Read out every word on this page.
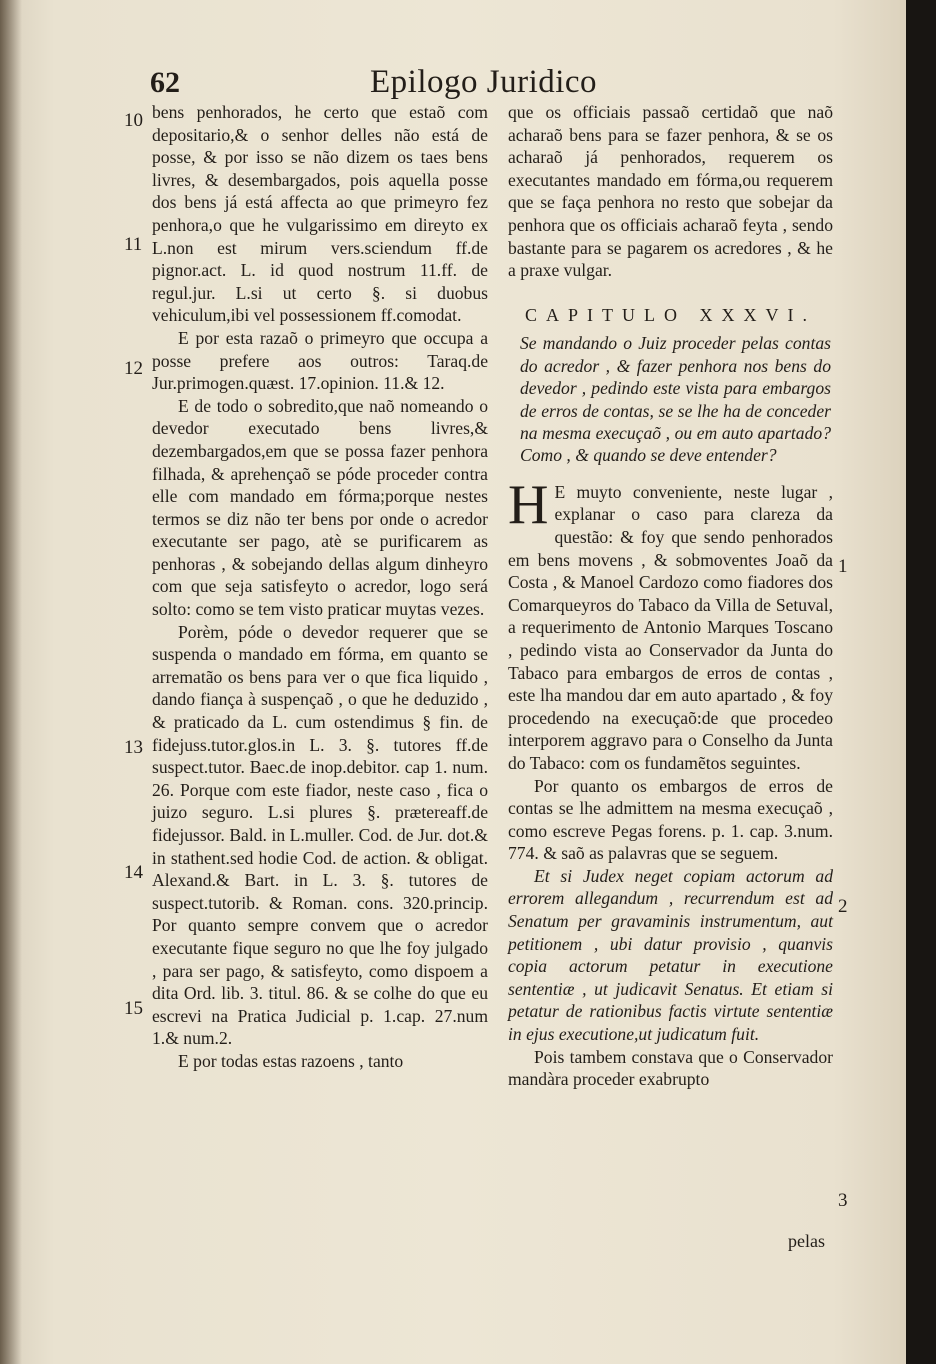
62	Epilogo Juridico
10
11
12
13
14
15
1
2
3

bens penhorados, he certo que estaõ com depositario,& o senhor delles não está de posse, & por isso se não dizem os taes bens livres, & desembargados, pois aquella posse dos bens já está affecta ao que primeyro fez penhora,o que he vulgarissimo em direyto ex L.non est mirum vers.sciendum ff.de pignor.act. L. id quod nostrum 11.ff. de regul.jur. L.si ut certo §. si duobus vehiculum,ibi vel possessionem ff.comodat.

E por esta razaõ o primeyro que occupa a posse prefere aos outros: Taraq.de Jur.primogen.quæst. 17.opinion. 11.& 12.

E de todo o sobredito,que naõ nomeando o devedor executado bens livres,& dezembargados,em que se possa fazer penhora filhada, & aprehençaõ se póde proceder contra elle com mandado em fórma;porque nestes termos se diz não ter bens por onde o acredor executante ser pago, atè se purificarem as penhoras , & sobejando dellas algum dinheyro com que seja satisfeyto o acredor, logo será solto: como se tem visto praticar muytas vezes.

Porèm, póde o devedor requerer que se suspenda o mandado em fórma, em quanto se arrematão os bens para ver o que fica liquido , dando fiança à suspençaõ , o que he deduzido , & praticado da L. cum ostendimus § fin. de fidejuss.tutor.glos.in L. 3. §. tutores ff.de suspect.tutor. Baec.de inop.debitor. cap 1. num. 26. Porque com este fiador, neste caso , fica o juizo seguro. L.si plures §. prætereaff.de fidejussor. Bald. in L.muller. Cod. de Jur. dot.& in stathent.sed hodie Cod. de action. & obligat. Alexand.& Bart. in L. 3. §. tutores de suspect.tutorib. & Roman. cons. 320.princip. Por quanto sempre convem que o acredor executante fique seguro no que lhe foy julgado , para ser pago, & satisfeyto, como dispoem a dita Ord. lib. 3. titul. 86. & se colhe do que eu escrevi na Pratica Judicial p. 1.cap. 27.num 1.& num.2.

E por todas estas razoens , tanto

que os officiais passaõ certidaõ que naõ acharaõ bens para se fazer penhora, & se os acharaõ já penhorados, requerem os executantes mandado em fórma,ou requerem que se faça penhora no resto que sobejar da penhora que os officiais acharaõ feyta , sendo bastante para se pagarem os acredores , & he a praxe vulgar.

CAPITULO XXXVI.

Se mandando o Juiz proceder pelas contas do acredor , & fazer penhora nos bens do devedor , pedindo este vista para embargos de erros de contas, se se lhe ha de conceder na mesma execuçaõ , ou em auto apartado? Como , & quando se deve entender?

H E muyto conveniente, neste lugar , explanar o caso para clareza da questão: & foy que sendo penhorados em bens movens , & sobmoventes Joaõ da Costa , & Manoel Cardozo como fiadores dos Comarqueyros do Tabaco da Villa de Setuval, a requerimento de Antonio Marques Toscano , pedindo vista ao Conservador da Junta do Tabaco para embargos de erros de contas , este lha mandou dar em auto apartado , & foy procedendo na execuçaõ:de que procedeo interporem aggravo para o Conselho da Junta do Tabaco: com os fundamẽtos seguintes.

Por quanto os embargos de erros de contas se lhe admittem na mesma execuçaõ , como escreve Pegas forens. p. 1. cap. 3.num. 774. & saõ as palavras que se seguem.

Et si Judex neget copiam actorum ad errorem allegandum , recurrendum est ad Senatum per gravaminis instrumentum, aut petitionem , ubi datur provisio , quanvis copia actorum petatur in executione sententiæ , ut judicavit Senatus. Et etiam si petatur de rationibus factis virtute sententiæ in ejus executione,ut judicatum fuit.

Pois tambem constava que o Conservador mandàra proceder exabrupto

pelas
